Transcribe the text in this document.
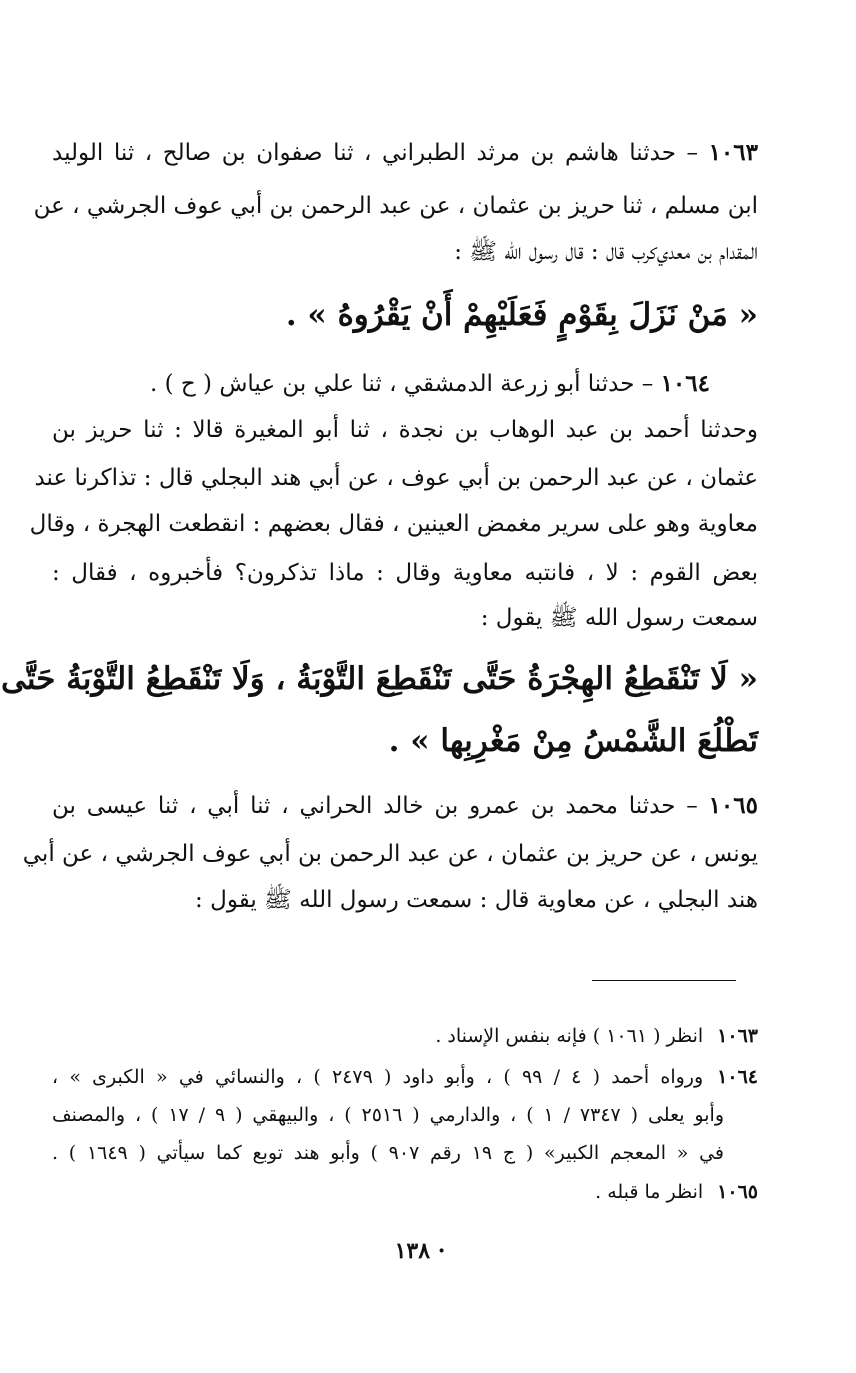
١٠٦٣ – حدثنا هاشم بن مرثد الطبراني ، ثنا صفوان بن صالح ، ثنا الوليد
ابن مسلم ، ثنا حريز بن عثمان ، عن عبد الرحمن بن أبي عوف الجرشي ، عن
المقدام بن معدي‌كرب قال : قال رسول الله ﷺ :
« مَنْ نَزَلَ بِقَوْمٍ فَعَلَيْهِمْ أَنْ يَقْرُوهُ » .
١٠٦٤ – حدثنا أبو زرعة الدمشقي ، ثنا علي بن عياش ( ح ) .
وحدثنا أحمد بن عبد الوهاب بن نجدة ، ثنا أبو المغيرة قالا : ثنا حريز بن
عثمان ، عن عبد الرحمن بن أبي عوف ، عن أبي هند البجلي قال : تذاكرنا عند
معاوية وهو على سرير مغمض العينين ، فقال بعضهم : انقطعت الهجرة ، وقال
بعض القوم : لا ، فانتبه معاوية وقال : ماذا تذكرون؟ فأخبروه ، فقال :
سمعت رسول الله ﷺ يقول :
« لَا تَنْقَطِعُ الهِجْرَةُ حَتَّى تَنْقَطِعَ التَّوْبَةُ ، وَلَا تَنْقَطِعُ التَّوْبَةُ حَتَّى
تَطْلُعَ الشَّمْسُ مِنْ مَغْرِبِها » .
١٠٦٥ – حدثنا محمد بن عمرو بن خالد الحراني ، ثنا أبي ، ثنا عيسى بن
يونس ، عن حريز بن عثمان ، عن عبد الرحمن بن أبي عوف الجرشي ، عن أبي
هند البجلي ، عن معاوية قال : سمعت رسول الله ﷺ يقول :
١٠٦٣انظر ( ١٠٦١ ) فإنه بنفس الإسناد .
١٠٦٤ورواه أحمد ( ٤ / ٩٩ ) ، وأبو داود ( ٢٤٧٩ ) ، والنسائي في « الكبرى » ،
وأبو يعلى ( ٧٣٤٧ / ١ ) ، والدارمي ( ٢٥١٦ ) ، والبيهقي ( ٩ / ١٧ ) ، والمصنف
في « المعجم الكبير» ( ج ١٩ رقم ٩٠٧ ) وأبو هند توبع كما سيأتي ( ١٦٤٩ ) .
١٠٦٥انظر ما قبله .
· ١٣٨
